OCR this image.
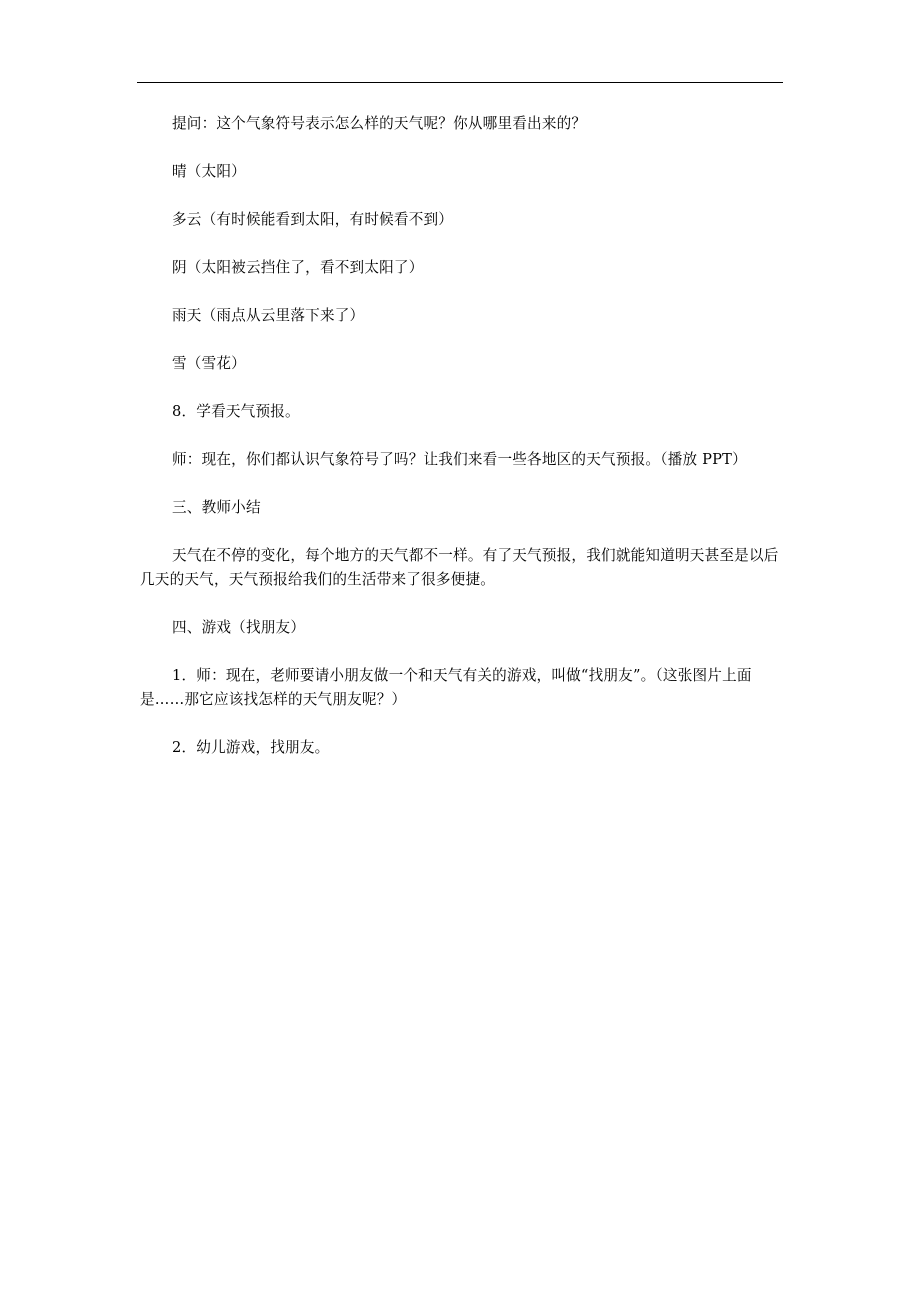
提问：这个气象符号表示怎么样的天气呢？你从哪里看出来的？

晴（太阳）

多云（有时候能看到太阳，有时候看不到）

阴（太阳被云挡住了，看不到太阳了）

雨天（雨点从云里落下来了）

雪（雪花）

8．学看天气预报。

师：现在，你们都认识气象符号了吗？让我们来看一些各地区的天气预报。（播放 PPT）

三、教师小结

天气在不停的变化，每个地方的天气都不一样。有了天气预报，我们就能知道明天甚至是以后几天的天气，天气预报给我们的生活带来了很多便捷。

四、游戏（找朋友）

1．师：现在，老师要请小朋友做一个和天气有关的游戏，叫做“找朋友”。（这张图片上面是……那它应该找怎样的天气朋友呢？）

2．幼儿游戏，找朋友。
